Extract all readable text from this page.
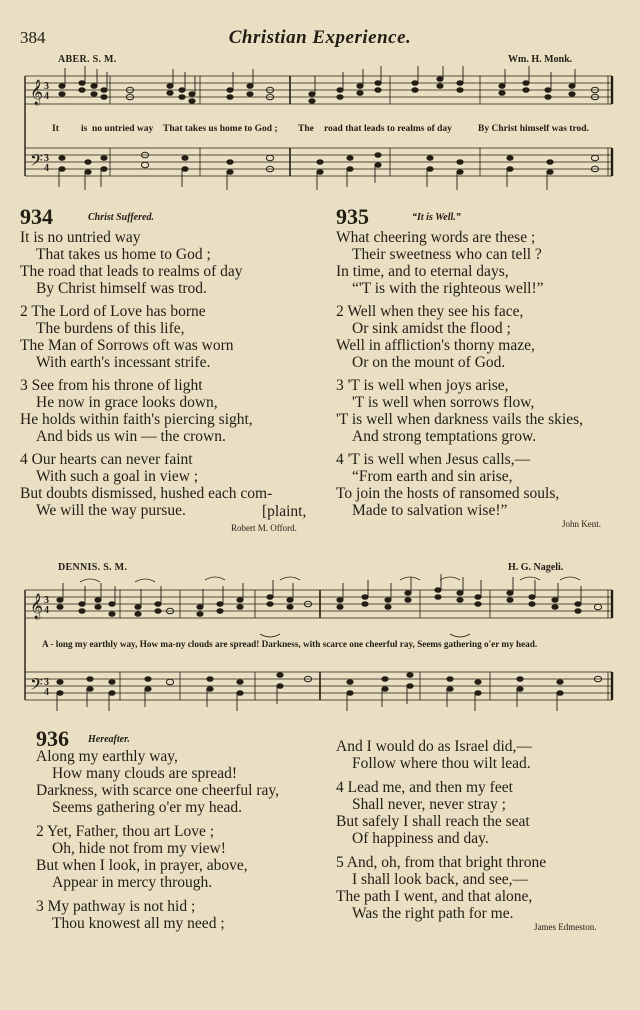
384	Christian Experience.
ABER. S. M.	Wm. H. Monk.
𝄞
𝄢
3
4
3
4
It is no untried way That takes us home to God ; The road that leads to realms of day	By Christ himself was trod.
934	Christ Suffered.
It is no untried way
That takes us home to God ;
The road that leads to realms of day
By Christ himself was trod.
2 The Lord of Love has borne
The burdens of this life,
The Man of Sorrows oft was worn
With earth's incessant strife.
3 See from his throne of light
He now in grace looks down,
He holds within faith's piercing sight,
And bids us win — the crown.
4 Our hearts can never faint
With such a goal in view ;
But doubts dismissed, hushed each com-
We will the way pursue.	[plaint,
Robert M. Offord.
935	“It is Well.”
What cheering words are these ;
Their sweetness who can tell ?
In time, and to eternal days,
“'T is with the righteous well!”
2 Well when they see his face,
Or sink amidst the flood ;
Well in affliction's thorny maze,
Or on the mount of God.
3 'T is well when joys arise,
'T is well when sorrows flow,
'T is well when darkness vails the skies,
And strong temptations grow.
4 'T is well when Jesus calls,—
“From earth and sin arise,
To join the hosts of ransomed souls,
Made to salvation wise!”
John Kent.
DENNIS. S. M.	H. G. Nageli.
𝄞
𝄢
3
4
3
4
A - long my earthly way, How ma-ny clouds are spread! Darkness, with scarce one cheerful ray, Seems gathering o'er my head.
936 Hereafter.
Along my earthly way,
How many clouds are spread!
Darkness, with scarce one cheerful ray,
Seems gathering o'er my head.
2 Yet, Father, thou art Love ;
Oh, hide not from my view!
But when I look, in prayer, above,
Appear in mercy through.
3 My pathway is not hid ;
Thou knowest all my need ;
And I would do as Israel did,—
Follow where thou wilt lead.
4 Lead me, and then my feet
Shall never, never stray ;
But safely I shall reach the seat
Of happiness and day.
5 And, oh, from that bright throne
I shall look back, and see,—
The path I went, and that alone,
Was the right path for me.
James Edmeston.
